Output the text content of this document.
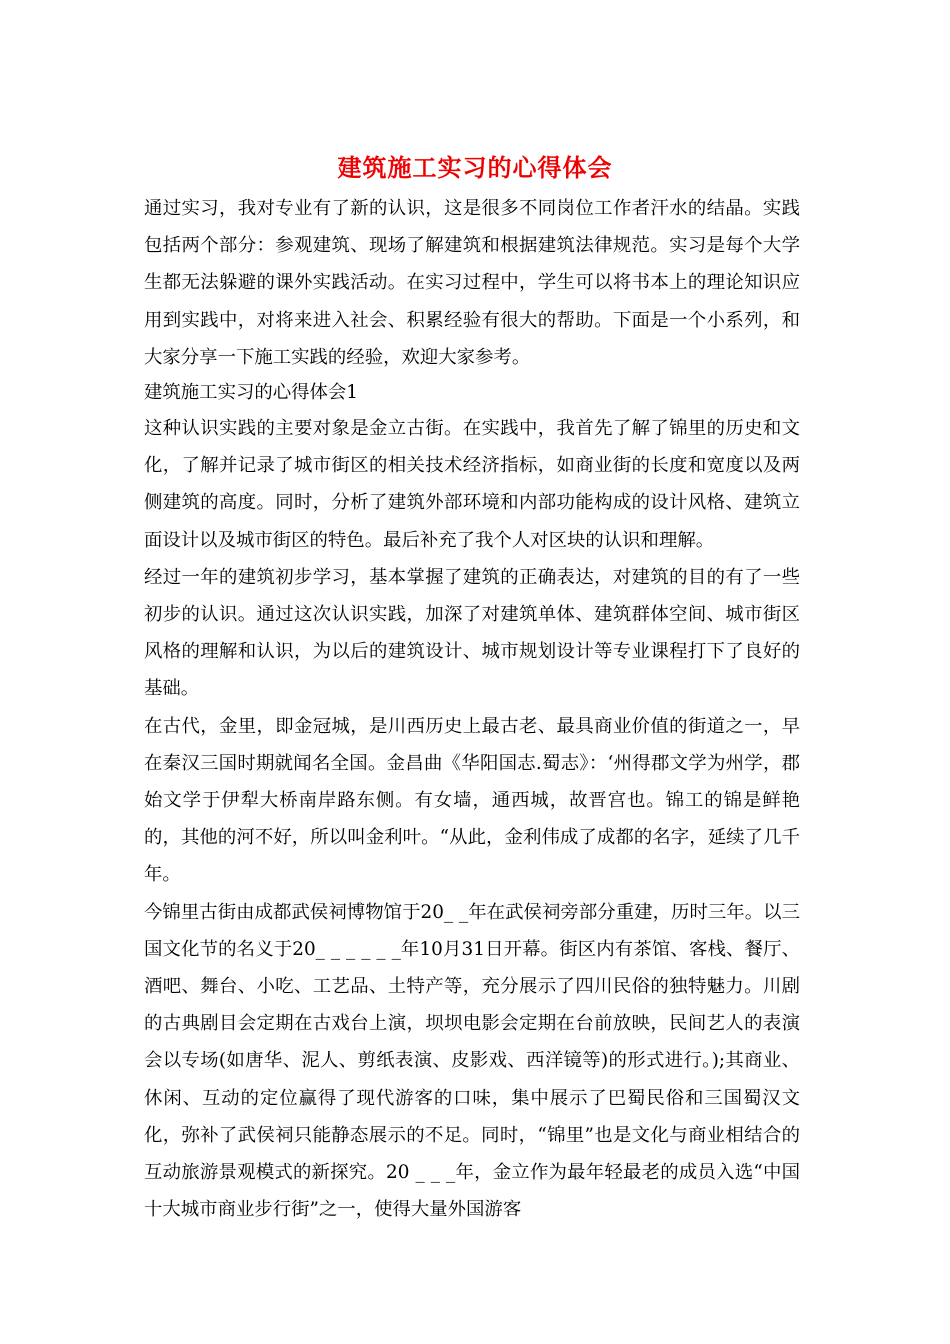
建筑施工实习的心得体会

通过实习，我对专业有了新的认识，这是很多不同岗位工作者汗水的结晶。实践包括两个部分：参观建筑、现场了解建筑和根据建筑法律规范。实习是每个大学生都无法躲避的课外实践活动。在实习过程中，学生可以将书本上的理论知识应用到实践中，对将来进入社会、积累经验有很大的帮助。下面是一个小系列，和大家分享一下施工实践的经验，欢迎大家参考。

建筑施工实习的心得体会1

这种认识实践的主要对象是金立古街。在实践中，我首先了解了锦里的历史和文化，了解并记录了城市街区的相关技术经济指标，如商业街的长度和宽度以及两侧建筑的高度。同时，分析了建筑外部环境和内部功能构成的设计风格、建筑立面设计以及城市街区的特色。最后补充了我个人对区块的认识和理解。

经过一年的建筑初步学习，基本掌握了建筑的正确表达，对建筑的目的有了一些初步的认识。通过这次认识实践，加深了对建筑单体、建筑群体空间、城市街区风格的理解和认识，为以后的建筑设计、城市规划设计等专业课程打下了良好的基础。

在古代，金里，即金冠城，是川西历史上最古老、最具商业价值的街道之一，早在秦汉三国时期就闻名全国。金昌曲《华阳国志.蜀志》：‘州得郡文学为州学，郡始文学于伊犁大桥南岸路东侧。有女墙，通西城，故晋宫也。锦工的锦是鲜艳的，其他的河不好，所以叫金利叶。“从此，金利伟成了成都的名字，延续了几千年。

今锦里古街由成都武侯祠博物馆于20_ _年在武侯祠旁部分重建，历时三年。以三国文化节的名义于20_ _ _ _ _ _年10月31日开幕。街区内有茶馆、客栈、餐厅、酒吧、舞台、小吃、工艺品、土特产等，充分展示了四川民俗的独特魅力。川剧的古典剧目会定期在古戏台上演，坝坝电影会定期在台前放映，民间艺人的表演会以专场(如唐华、泥人、剪纸表演、皮影戏、西洋镜等)的形式进行。);其商业、休闲、互动的定位赢得了现代游客的口味，集中展示了巴蜀民俗和三国蜀汉文化，弥补了武侯祠只能静态展示的不足。同时，“锦里”也是文化与商业相结合的互动旅游景观模式的新探究。20 _ _ _年，金立作为最年轻最老的成员入选“中国十大城市商业步行街”之一，使得大量外国游客
